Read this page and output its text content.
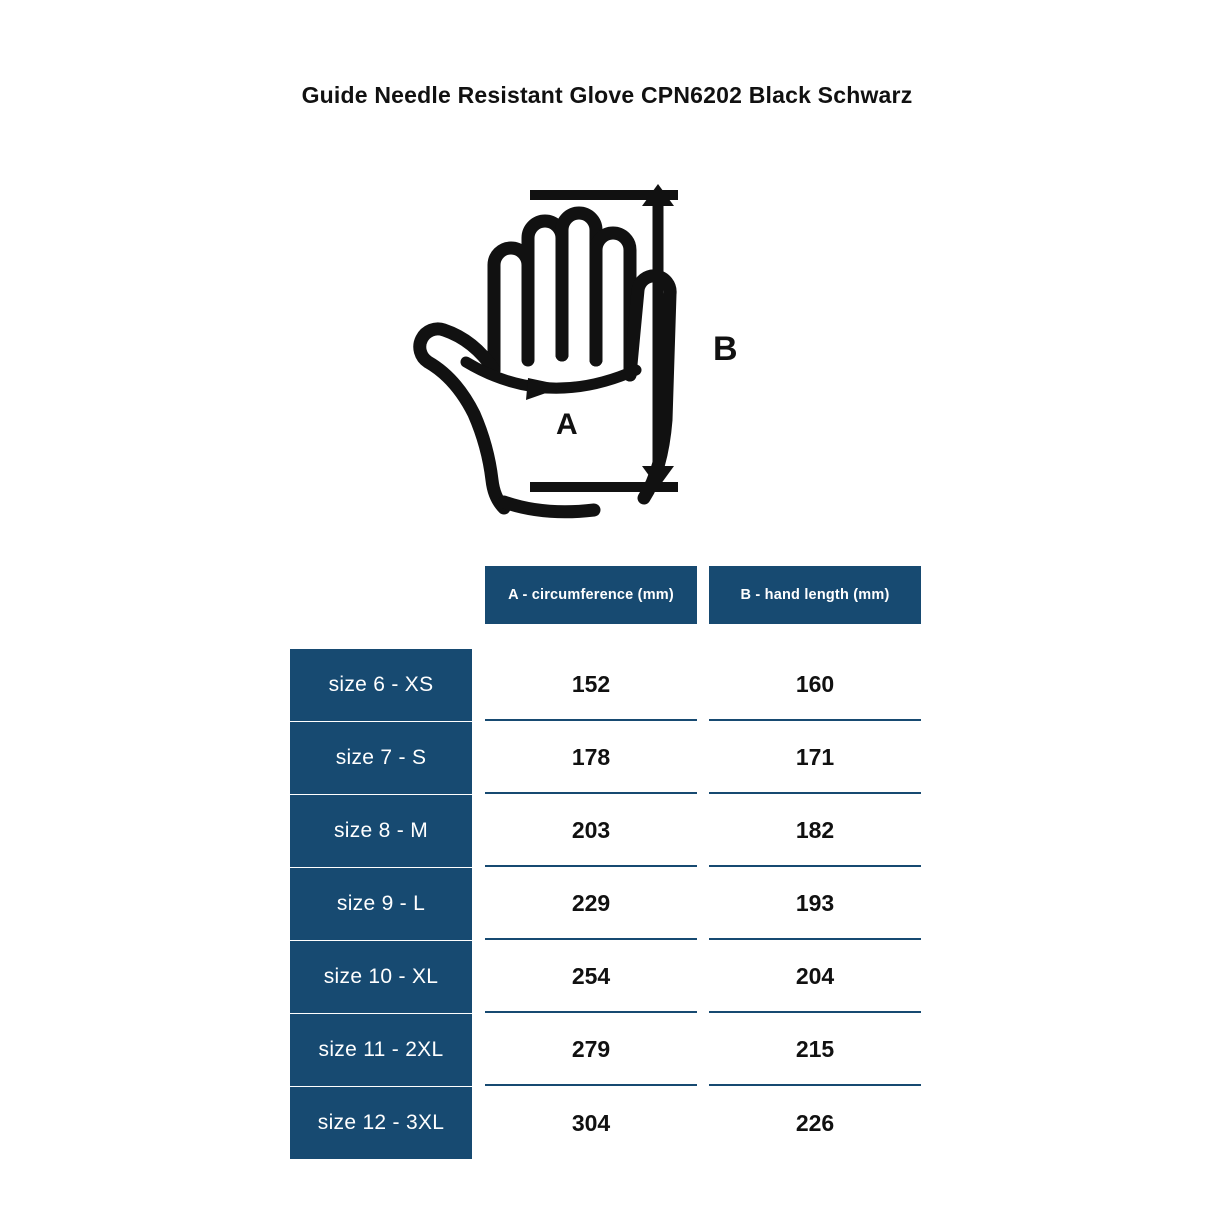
Guide Needle Resistant Glove CPN6202 Black Schwarz
A
B
A - circumference (mm)	B - hand length (mm)
size 6 - XS	152	160
size 7 - S	178	171
size 8 - M	203	182
size 9 - L	229	193
size 10 - XL	254	204
size 11 - 2XL	279	215
size 12 - 3XL	304	226
